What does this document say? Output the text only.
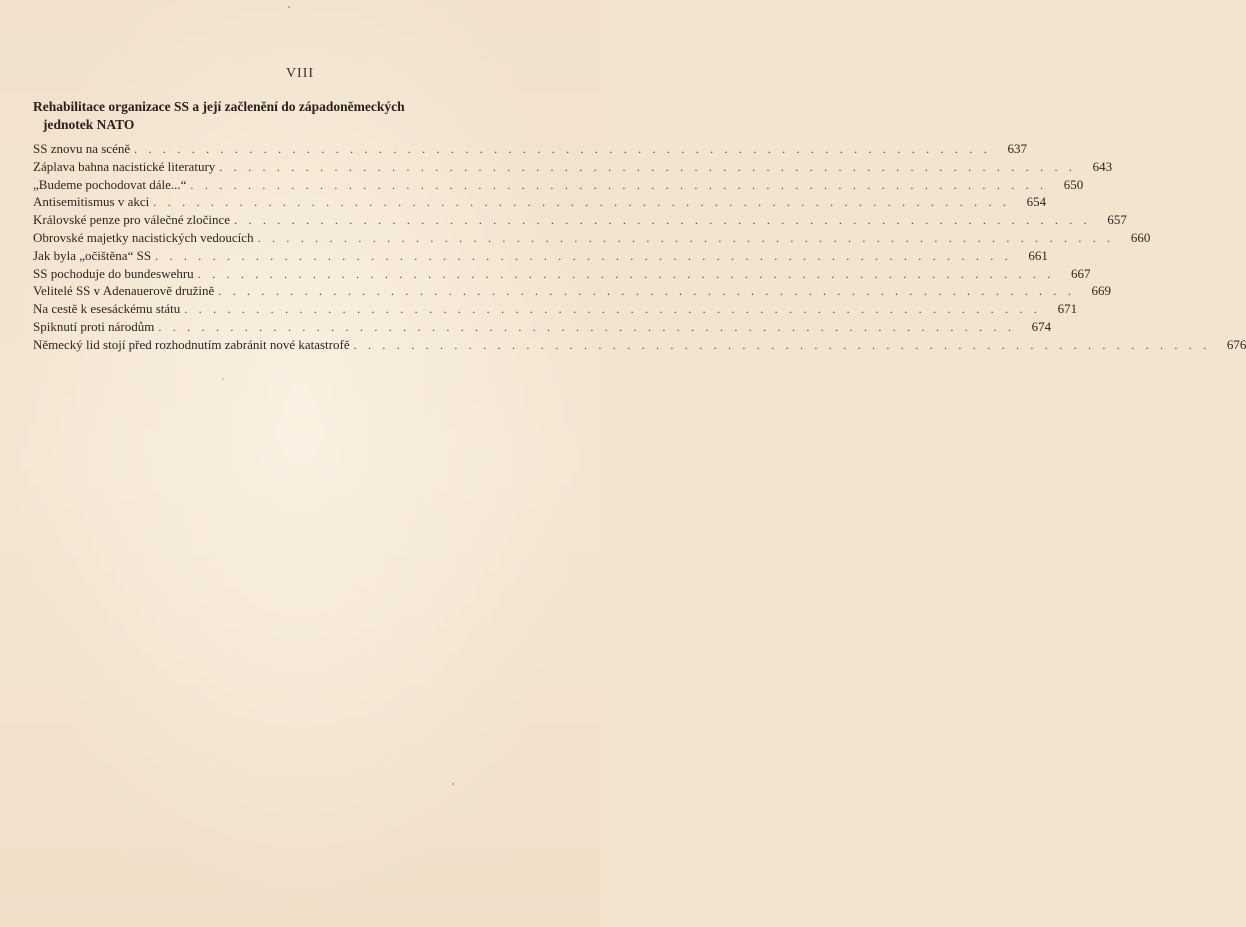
VIII
Rehabilitace organizace SS a její začlenění do západoněmeckých
jednotek NATO
SS znovu na scéně . . . . . . . . . . . . . . . . . . . . . . . . . . . . . . . . . . . . . . . . . . . . . . . . . . . . . . . . . . . .	637
Záplava bahna nacistické literatury . . . . . . . . . . . . . . . . . . . . . . . . . . . . . . . . . . . . . . . . . . . . . . . . . . . . . . . . . . . .	643
„Budeme pochodovat dále...“ . . . . . . . . . . . . . . . . . . . . . . . . . . . . . . . . . . . . . . . . . . . . . . . . . . . . . . . . . . . .	650
Antisemitismus v akci . . . . . . . . . . . . . . . . . . . . . . . . . . . . . . . . . . . . . . . . . . . . . . . . . . . . . . . . . . . .	654
Královské penze pro válečné zločince . . . . . . . . . . . . . . . . . . . . . . . . . . . . . . . . . . . . . . . . . . . . . . . . . . . . . . . . . . . .	657
Obrovské majetky nacistických vedoucích . . . . . . . . . . . . . . . . . . . . . . . . . . . . . . . . . . . . . . . . . . . . . . . . . . . . . . . . . . . .	660
Jak byla „očištěna“ SS . . . . . . . . . . . . . . . . . . . . . . . . . . . . . . . . . . . . . . . . . . . . . . . . . . . . . . . . . . . .	661
SS pochoduje do bundeswehru . . . . . . . . . . . . . . . . . . . . . . . . . . . . . . . . . . . . . . . . . . . . . . . . . . . . . . . . . . . .	667
Velitelé SS v Adenauerově družině . . . . . . . . . . . . . . . . . . . . . . . . . . . . . . . . . . . . . . . . . . . . . . . . . . . . . . . . . . . .	669
Na cestě k esesáckému státu . . . . . . . . . . . . . . . . . . . . . . . . . . . . . . . . . . . . . . . . . . . . . . . . . . . . . . . . . . . .	671
Spiknutí proti národům . . . . . . . . . . . . . . . . . . . . . . . . . . . . . . . . . . . . . . . . . . . . . . . . . . . . . . . . . . . .	674
Německý lid stojí před rozhodnutím zabránit nové katastrofě . . . . . . . . . . . . . . . . . . . . . . . . . . . . . . . . . . . . . . . . . . . . . . . . . . . . . . . . . . . .	676
